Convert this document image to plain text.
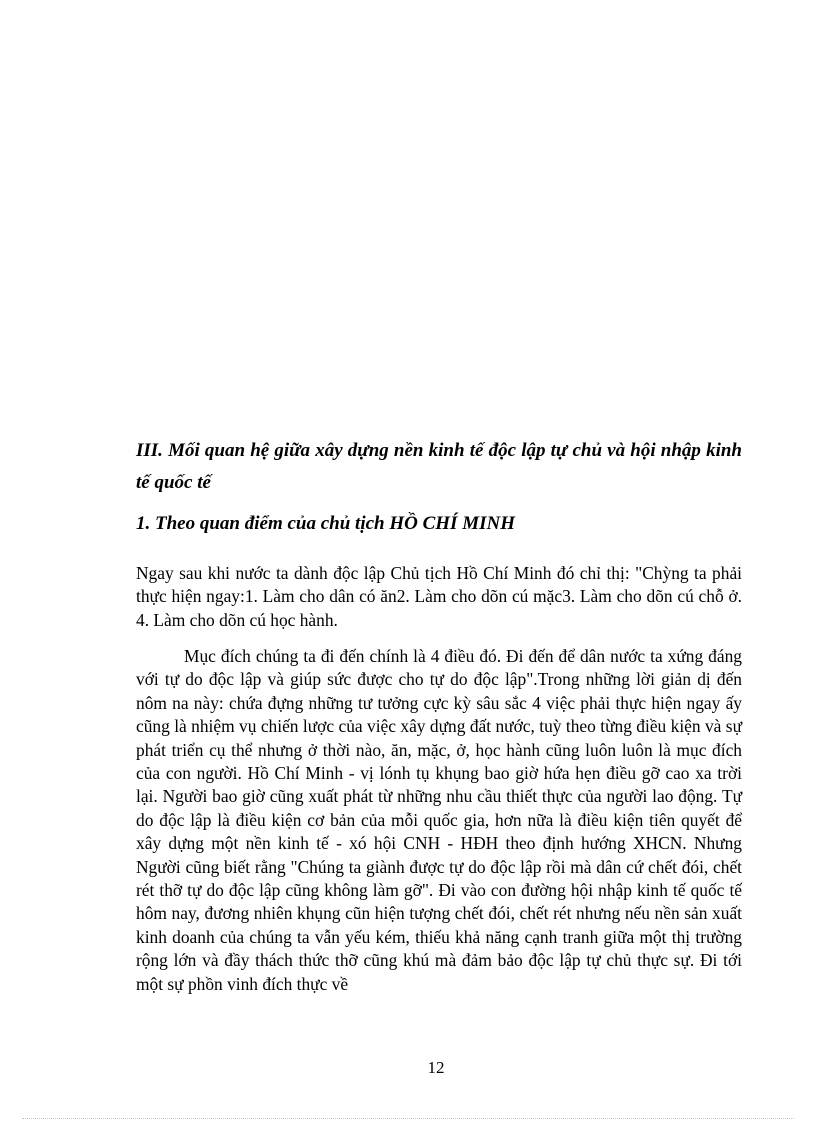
III. Mối quan hệ giữa xây dựng nền kinh tế độc lập tự chủ và hội nhập kinh tế quốc tế
1. Theo quan điểm của chủ tịch HỒ CHÍ MINH

Ngay sau khi nước ta dành độc lập Chủ tịch Hồ Chí Minh đó chỉ thị: "Chỳng ta phải thực hiện ngay:1. Làm cho dân có ăn2. Làm cho dõn cú mặc3. Làm cho dõn cú chỗ ở. 4. Làm cho dõn cú học hành.

Mục đích chúng ta đi đến chính là 4 điều đó. Đi đến để dân nước ta xứng đáng với tự do độc lập và giúp sức được cho tự do độc lập".Trong những lời giản dị đến nôm na này: chứa đựng những tư tưởng cực kỳ sâu sắc 4 việc phải thực hiện ngay ấy cũng là nhiệm vụ chiến lược của việc xây dựng đất nước, tuỳ theo từng điều kiện và sự phát triển cụ thể nhưng ở thời nào, ăn, mặc, ở, học hành cũng luôn luôn là mục đích của con người. Hồ Chí Minh - vị lónh tụ khụng bao giờ hứa hẹn điều gỡ cao xa trời lại. Người bao giờ cũng xuất phát từ những nhu cầu thiết thực của người lao động. Tự do độc lập là điều kiện cơ bản của mỗi quốc gia, hơn nữa là điều kiện tiên quyết để xây dựng một nền kinh tế - xó hội CNH - HĐH theo định hướng XHCN. Nhưng Người cũng biết rằng "Chúng ta giành được tự do độc lập rồi mà dân cứ chết đói, chết rét thỡ tự do độc lập cũng không làm gỡ". Đi vào con đường hội nhập kinh tế quốc tế hôm nay, đương nhiên khụng cũn hiện tượng chết đói, chết rét nhưng nếu nền sản xuất kinh doanh của chúng ta vẫn yếu kém, thiếu khả năng cạnh tranh giữa một thị trường rộng lớn và đầy thách thức thỡ cũng khú mà đảm bảo độc lập tự chủ thực sự. Đi tới một sự phồn vinh đích thực về

12
